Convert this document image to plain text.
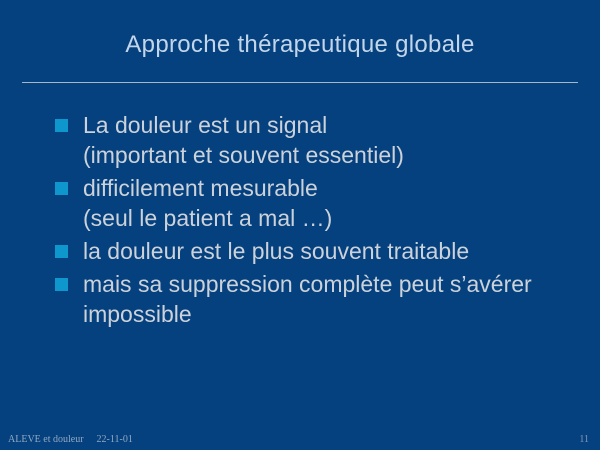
Approche thérapeutique globale
La douleur est un signal
(important et souvent essentiel)
difficilement mesurable
(seul le patient a mal …)
la douleur est le plus souvent traitable
mais sa suppression complète peut s’avérer
impossible
ALEVE et douleur 22-11-01	11
